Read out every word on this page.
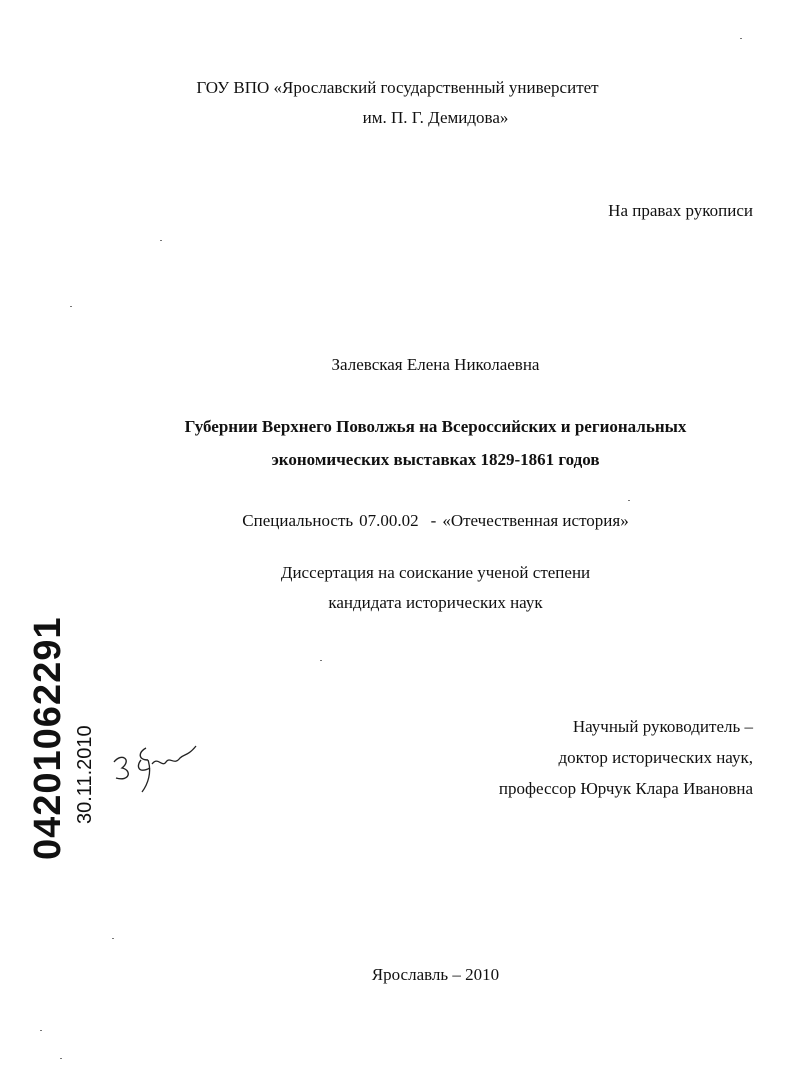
ГОУ ВПО «Ярославский государственный университет
им. П. Г. Демидова»
На правах рукописи
Залевская Елена Николаевна
Губернии Верхнего Поволжья на Всероссийских и региональных
экономических выставках 1829-1861 годов
Специальность 07.00.02 - «Отечественная история»
Диссертация на соискание ученой степени
кандидата исторических наук
Научный руководитель –
доктор исторических наук,
профессор Юрчук Клара Ивановна
Ярославль – 2010
04201062291 30.11.2010
